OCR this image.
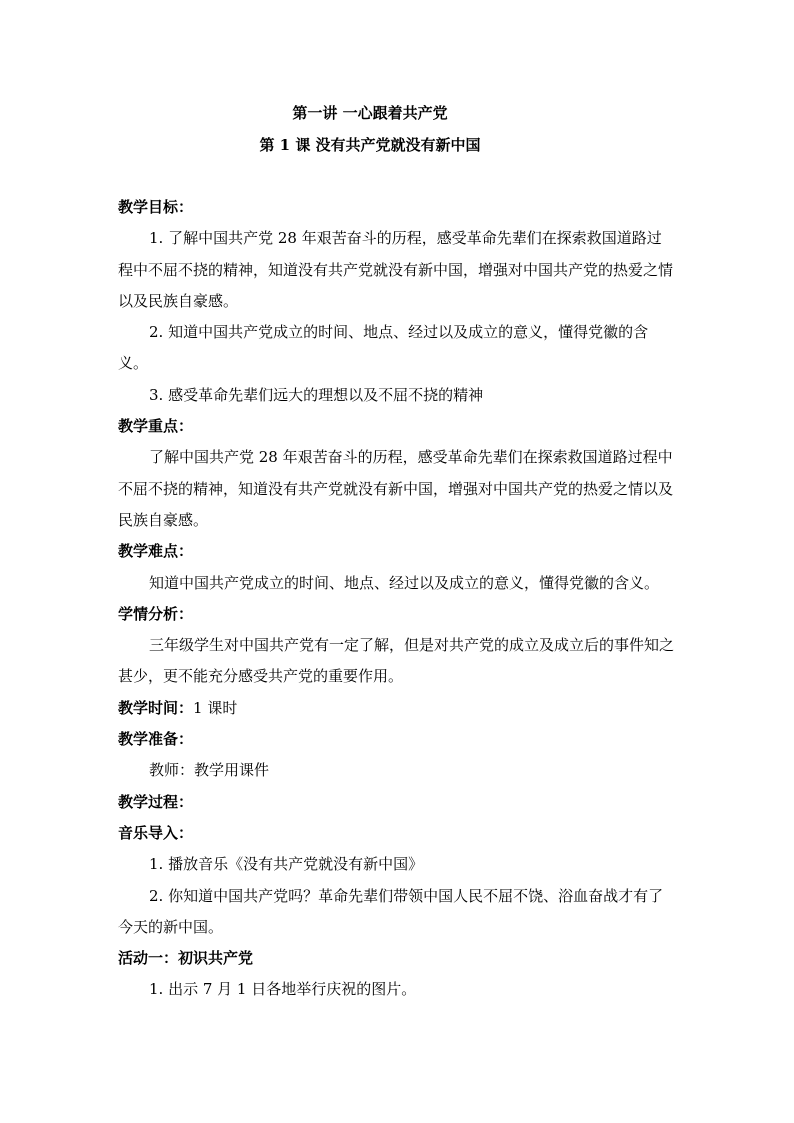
第一讲 一心跟着共产党
第 1 课 没有共产党就没有新中国

教学目标：

1. 了解中国共产党 28 年艰苦奋斗的历程，感受革命先辈们在探索救国道路过程中不屈不挠的精神，知道没有共产党就没有新中国，增强对中国共产党的热爱之情以及民族自豪感。

2. 知道中国共产党成立的时间、地点、经过以及成立的意义，懂得党徽的含义。

3. 感受革命先辈们远大的理想以及不屈不挠的精神

教学重点：

了解中国共产党 28 年艰苦奋斗的历程，感受革命先辈们在探索救国道路过程中不屈不挠的精神，知道没有共产党就没有新中国，增强对中国共产党的热爱之情以及民族自豪感。

教学难点：

知道中国共产党成立的时间、地点、经过以及成立的意义，懂得党徽的含义。

学情分析：

三年级学生对中国共产党有一定了解，但是对共产党的成立及成立后的事件知之甚少，更不能充分感受共产党的重要作用。

教学时间：1 课时

教学准备：

教师：教学用课件

教学过程：

音乐导入：

1. 播放音乐《没有共产党就没有新中国》

2. 你知道中国共产党吗？革命先辈们带领中国人民不屈不饶、浴血奋战才有了今天的新中国。

活动一：初识共产党

1. 出示 7 月 1 日各地举行庆祝的图片。
